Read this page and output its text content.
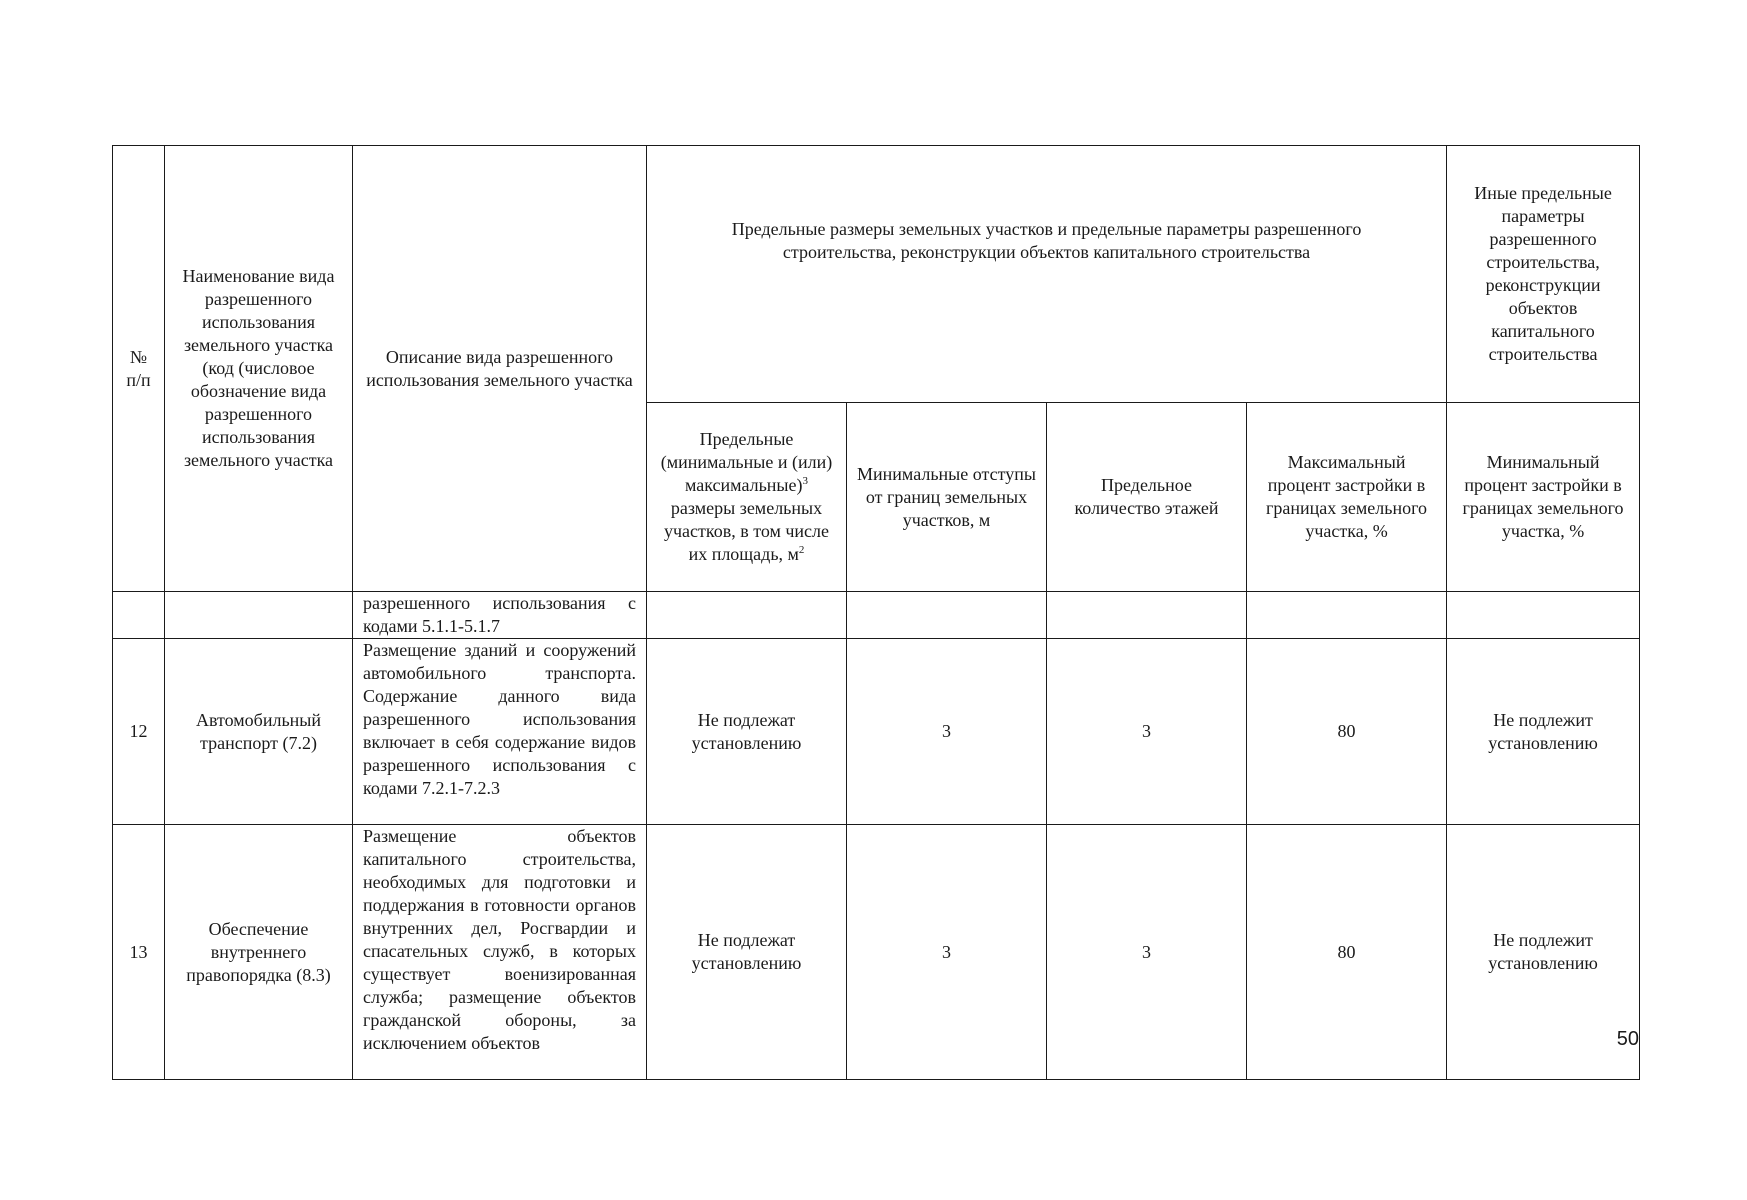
№ п/п	Наименование вида разрешенного использования земельного участка (код (числовое обозначение вида разрешенного использования земельного участка	Описание вида разрешенного использования земельного участка	Предельные размеры земельных участков и предельные параметры разрешенного строительства, реконструкции объектов капитального строительства				Иные предельные параметры разрешенного строительства, реконструкции объектов капитального строительства

			Предельные (минимальные и (или) максимальные)$^3$ размеры земельных участков, в том числе их площадь, $м^2$	Минимальные отступы от границ земельных участков, м	Предельное количество этажей	Максимальный процент застройки в границах земельного участка, %	Минимальный процент застройки в границах земельного участка, %

		разрешенного использования с кодами 5.1.1-5.1.7					
12	Автомобильный транспорт (7.2)	Размещение зданий и сооружений автомобильного транспорта. Содержание данного вида разрешенного использования включает в себя содержание видов разрешенного использования с кодами 7.2.1-7.2.3	Не подлежат установлению	3	3	80	Не подлежит установлению
13	Обеспечение внутреннего правопорядка (8.3)	Размещение объектов капитального строительства, необходимых для подготовки и поддержания в готовности органов внутренних дел, Росгвардии и спасательных служб, в которых существует военизированная служба; размещение объектов гражданской обороны, за исключением объектов	Не подлежат установлению	3	3	80	Не подлежит установлению
50
